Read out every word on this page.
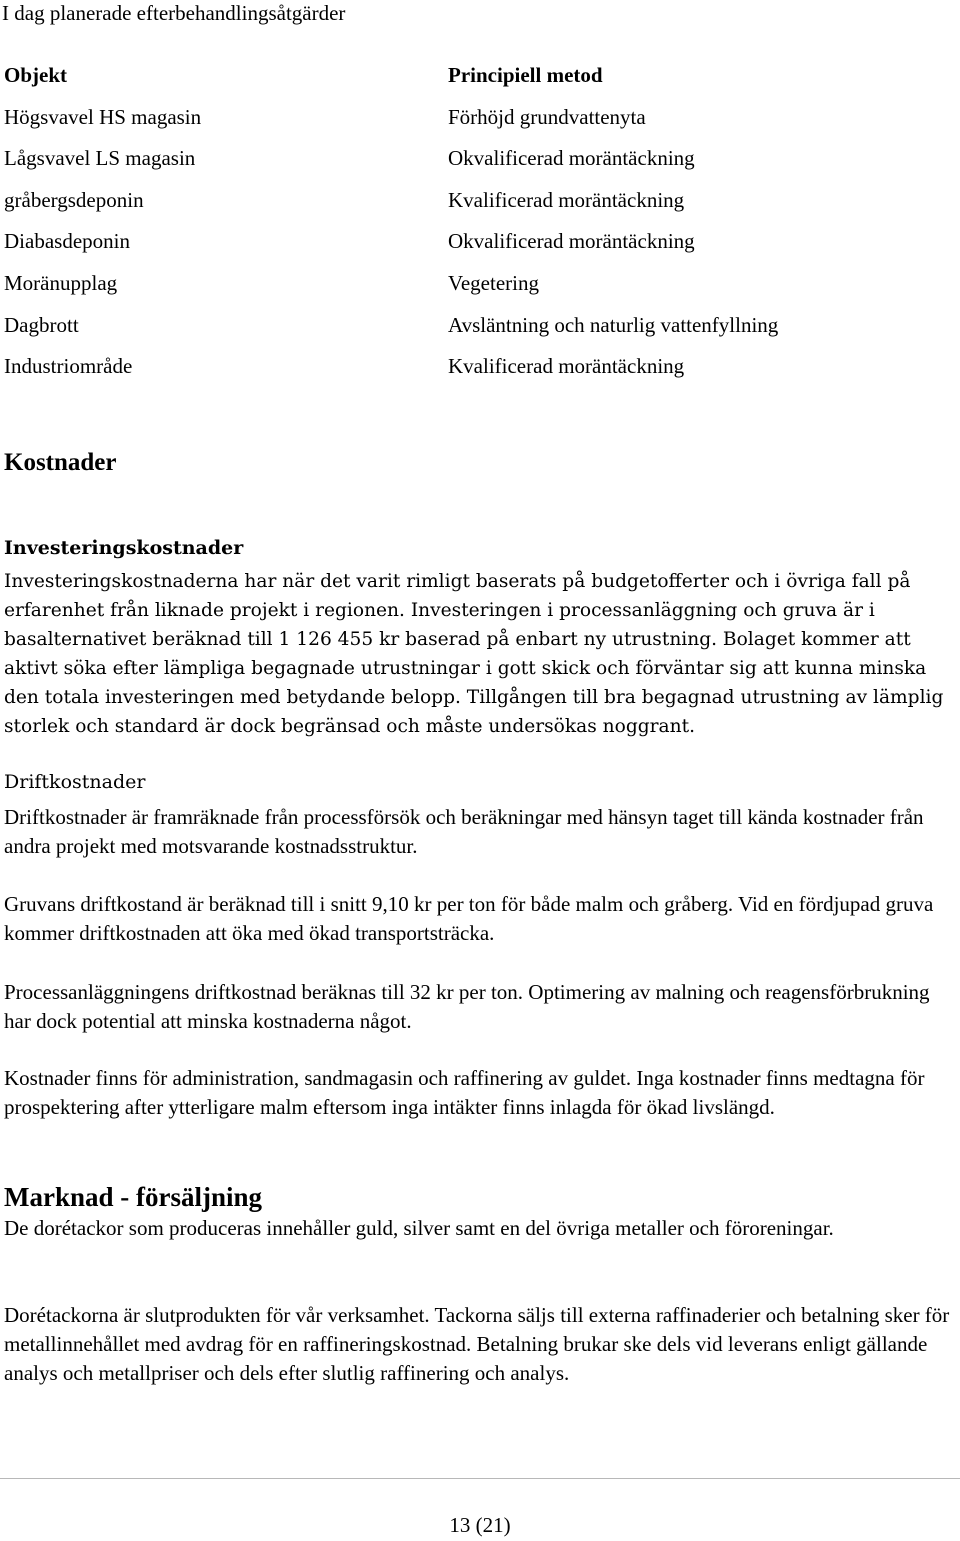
I dag planerade efterbehandlingsåtgärder
Objekt	Principiell metod
Högsvavel HS magasin	Förhöjd grundvattenyta
Lågsvavel LS magasin	Okvalificerad moräntäckning
gråbergsdeponin	Kvalificerad moräntäckning
Diabasdeponin	Okvalificerad moräntäckning
Moränupplag	Vegetering
Dagbrott	Avsläntning och naturlig vattenfyllning
Industriområde	Kvalificerad moräntäckning
Kostnader
Investeringskostnader
Investeringskostnaderna har när det varit rimligt baserats på budgetofferter och i övriga fall på erfarenhet från liknade projekt i regionen. Investeringen i processanläggning och gruva är i basalternativet beräknad till 1 126 455 kr baserad på enbart ny utrustning. Bolaget kommer att aktivt söka efter lämpliga begagnade utrustningar i gott skick och förväntar sig att kunna minska den totala investeringen med betydande belopp. Tillgången till bra begagnad utrustning av lämplig storlek och standard är dock begränsad och måste undersökas noggrant.
Driftkostnader
Driftkostnader är framräknade från processförsök och beräkningar med hänsyn taget till kända kostnader från andra projekt med motsvarande kostnadsstruktur.
Gruvans driftkostand är beräknad till i snitt 9,10 kr per ton för både malm och gråberg. Vid en fördjupad gruva kommer driftkostnaden att öka med ökad transportsträcka.
Processanläggningens driftkostnad beräknas till 32 kr per ton. Optimering av malning och reagensförbrukning har dock potential att minska kostnaderna något.
Kostnader finns för administration, sandmagasin och raffinering av guldet. Inga kostnader finns medtagna för prospektering after ytterligare malm eftersom inga intäkter finns inlagda för ökad livslängd.
Marknad - försäljning
De dorétackor som produceras innehåller guld, silver samt en del övriga metaller och föroreningar.
Dorétackorna är slutprodukten för vår verksamhet. Tackorna säljs till externa raffinaderier och betalning sker för metallinnehållet med avdrag för en raffineringskostnad. Betalning brukar ske dels vid leverans enligt gällande analys och metallpriser och dels efter slutlig raffinering och analys.
13 (21)
